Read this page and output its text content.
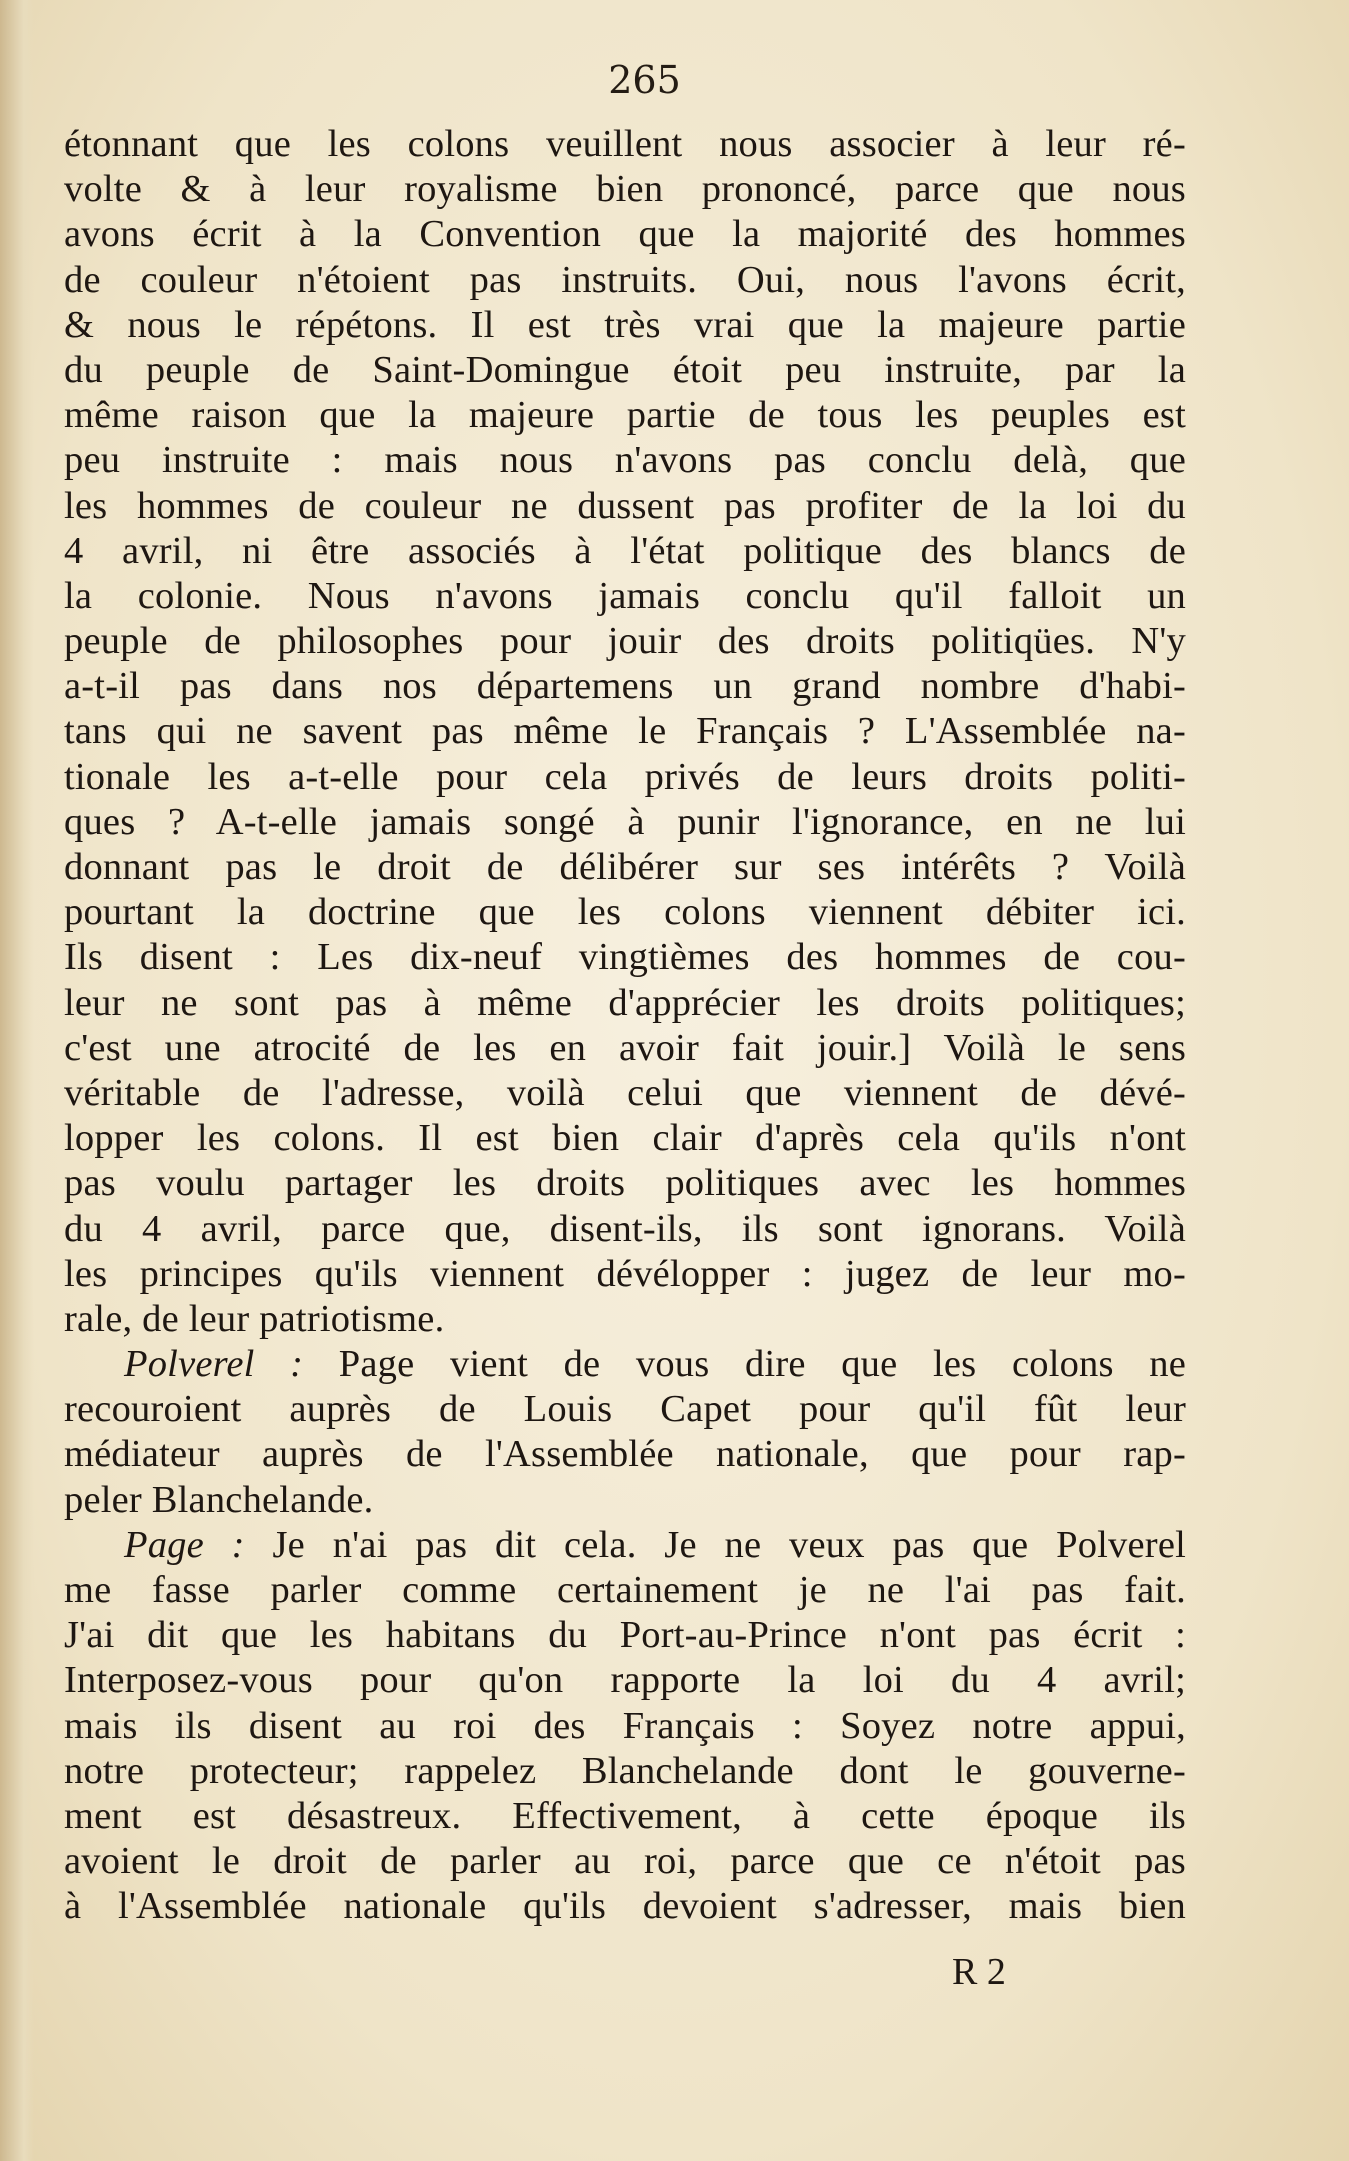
265
étonnant que les colons veuillent nous associer à leur ré-
volte & à leur royalisme bien prononcé, parce que nous
avons écrit à la Convention que la majorité des hommes
de couleur n'étoient pas instruits. Oui, nous l'avons écrit,
& nous le répétons. Il est très vrai que la majeure partie
du peuple de Saint-Domingue étoit peu instruite, par la
même raison que la majeure partie de tous les peuples est
peu instruite : mais nous n'avons pas conclu delà, que
les hommes de couleur ne dussent pas profiter de la loi du
4 avril, ni être associés à l'état politique des blancs de
la colonie. Nous n'avons jamais conclu qu'il falloit un
peuple de philosophes pour jouir des droits politiqües. N'y
a-t-il pas dans nos départemens un grand nombre d'habi-
tans qui ne savent pas même le Français ? L'Assemblée na-
tionale les a-t-elle pour cela privés de leurs droits politi-
ques ? A-t-elle jamais songé à punir l'ignorance, en ne lui
donnant pas le droit de délibérer sur ses intérêts ? Voilà
pourtant la doctrine que les colons viennent débiter ici.
Ils disent : Les dix-neuf vingtièmes des hommes de cou-
leur ne sont pas à même d'apprécier les droits politiques;
c'est une atrocité de les en avoir fait jouir.] Voilà le sens
véritable de l'adresse, voilà celui que viennent de dévé-
lopper les colons. Il est bien clair d'après cela qu'ils n'ont
pas voulu partager les droits politiques avec les hommes
du 4 avril, parce que, disent-ils, ils sont ignorans. Voilà
les principes qu'ils viennent dévélopper : jugez de leur mo-
rale, de leur patriotisme.
Polverel : Page vient de vous dire que les colons ne
recouroient auprès de Louis Capet pour qu'il fût leur
médiateur auprès de l'Assemblée nationale, que pour rap-
peler Blanchelande.
Page : Je n'ai pas dit cela. Je ne veux pas que Polverel
me fasse parler comme certainement je ne l'ai pas fait.
J'ai dit que les habitans du Port-au-Prince n'ont pas écrit :
Interposez-vous pour qu'on rapporte la loi du 4 avril;
mais ils disent au roi des Français : Soyez notre appui,
notre protecteur; rappelez Blanchelande dont le gouverne-
ment est désastreux. Effectivement, à cette époque ils
avoient le droit de parler au roi, parce que ce n'étoit pas
à l'Assemblée nationale qu'ils devoient s'adresser, mais bien
R 2
